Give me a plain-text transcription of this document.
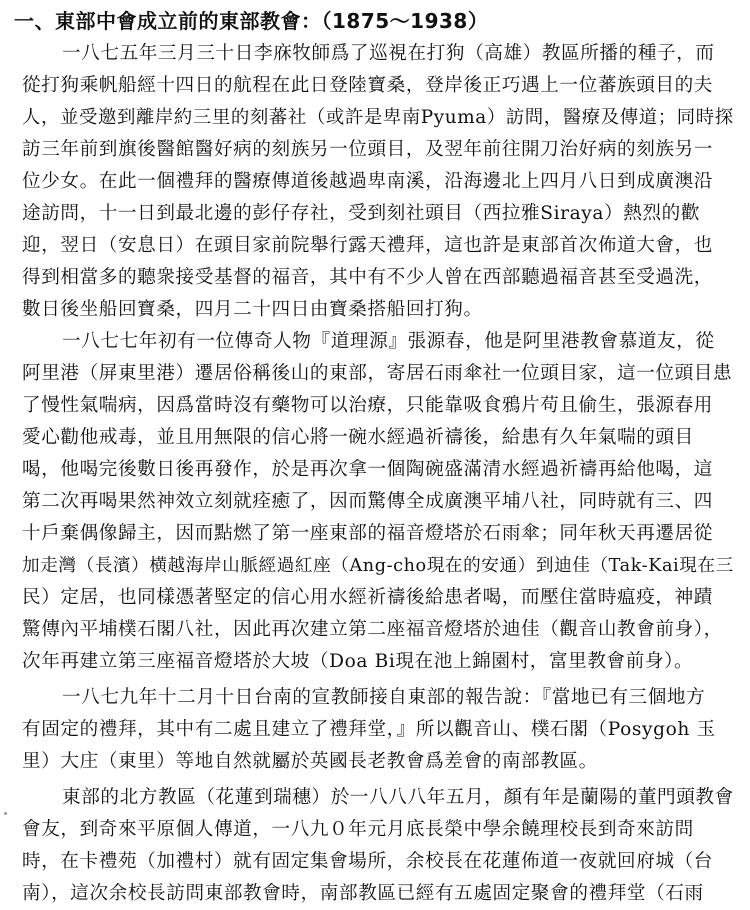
一、東部中會成立前的東部教會：（1875～1938）
一八七五年三月三十日李庥牧師爲了巡視在打狗（高雄）教區所播的種子，而
從打狗乘帆船經十四日的航程在此日登陸寶桑，登岸後正巧遇上一位蕃族頭目的夫
人，並受邀到離岸約三里的刻蕃社（或許是卑南Pyuma）訪問，醫療及傳道；同時探
訪三年前到旗後醫館醫好病的刻族另一位頭目，及翌年前往開刀治好病的刻族另一
位少女。在此一個禮拜的醫療傳道後越過卑南溪，沿海邊北上四月八日到成廣澳沿
途訪問，十一日到最北邊的彭仔存社，受到刻社頭目（西拉雅Siraya）熱烈的歡
迎，翌日（安息日）在頭目家前院舉行露天禮拜，這也許是東部首次佈道大會，也
得到相當多的聽衆接受基督的福音，其中有不少人曾在西部聽過福音甚至受過洗，
數日後坐船回寶桑，四月二十四日由寶桑搭船回打狗。
一八七七年初有一位傳奇人物『道理源』張源春，他是阿里港教會慕道友，從
阿里港（屏東里港）遷居俗稱後山的東部，寄居石雨傘社一位頭目家，這一位頭目患
了慢性氣喘病，因爲當時沒有藥物可以治療，只能靠吸食鴉片苟且偷生，張源春用
愛心勸他戒毒，並且用無限的信心將一碗水經過祈禱後，給患有久年氣喘的頭目
喝，他喝完後數日後再發作，於是再次拿一個陶碗盛滿清水經過祈禱再給他喝，這
第二次再喝果然神效立刻就痊癒了，因而驚傳全成廣澳平埔八社，同時就有三、四
十戶棄偶像歸主，因而點燃了第一座東部的福音燈塔於石雨傘；同年秋天再遷居從
加走灣（長濱）横越海岸山脈經過紅座（Ang-cho現在的安通）到迪佳（Tak-Kai現在三
民）定居，也同樣憑著堅定的信心用水經祈禱後給患者喝，而壓住當時瘟疫，神蹟
驚傳內平埔樸石閣八社，因此再次建立第二座福音燈塔於迪佳（觀音山教會前身），
次年再建立第三座福音燈塔於大坡（Doa Bi現在池上錦園村，富里教會前身）。
一八七九年十二月十日台南的宣教師接自東部的報告說：『當地已有三個地方
有固定的禮拜，其中有二處且建立了禮拜堂，』所以觀音山、樸石閣（Posygoh 玉
里）大庄（東里）等地自然就屬於英國長老教會爲差會的南部教區。
東部的北方教區（花蓮到瑞穗）於一八八八年五月，顏有年是蘭陽的董門頭教會
會友，到奇來平原個人傳道，一八九０年元月底長榮中學余饒理校長到奇來訪問
時，在卡禮苑（加禮村）就有固定集會場所，余校長在花蓮佈道一夜就回府城（台
南），這次余校長訪問東部教會時，南部教區已經有五處固定聚會的禮拜堂（石雨
